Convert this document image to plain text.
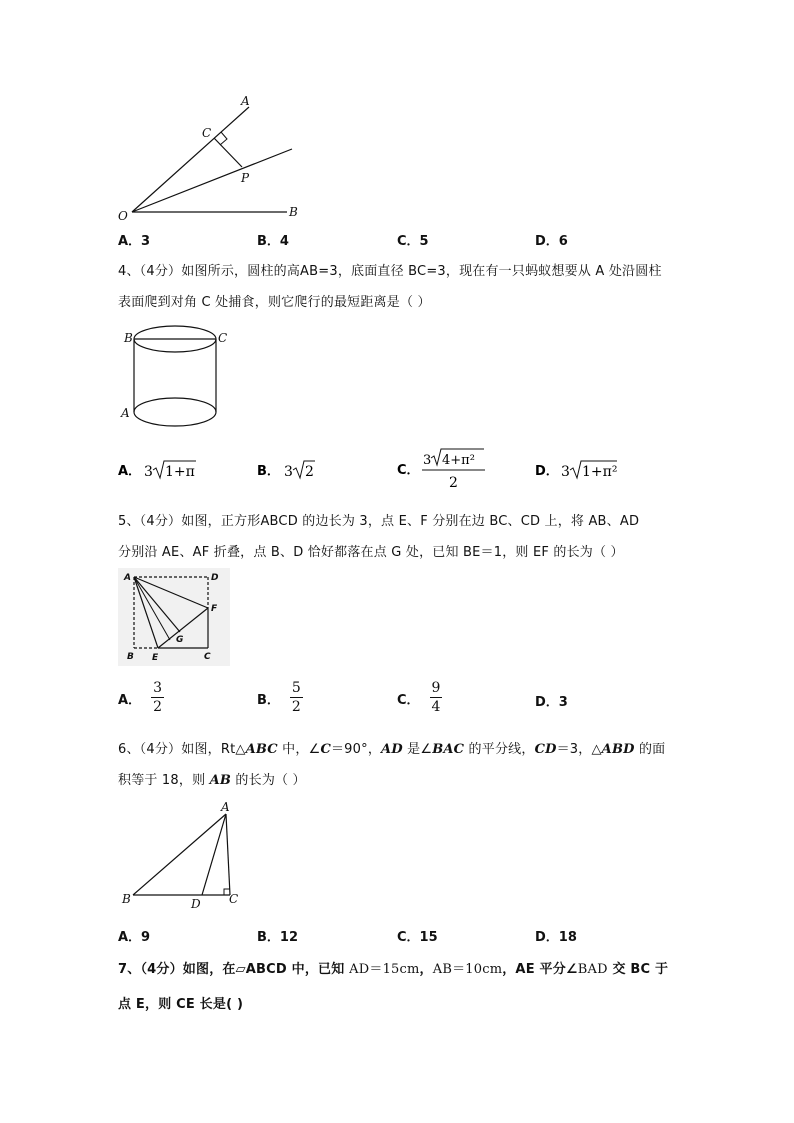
A
C
P
O	B
A．3	B．4	C．5	D．6
4、（4分）如图所示，圆柱的高AB=3，底面直径 BC=3，现在有一只蚂蚁想要从 A 处沿圆柱
表面爬到对角 C 处捕食，则它爬行的最短距离是（ ）
B	C
A
A． 3 1+π	B． 3 2	C．
3 4+π²
2
D． 3 1+π²
5、（4分）如图，正方形ABCD 的边长为 3，点 E、F 分别在边 BC、CD 上，将 AB、AD
分别沿 AE、AF 折叠，点 B、D 恰好都落在点 G 处，已知 BE＝1，则 EF 的长为（ ）
A	D
F
G
B E	C
A． $\frac{3}{2}$	B． $\frac{5}{2}$	C． $\frac{9}{4}$	D．3
6、（4分）如图，Rt△ABC 中，∠C＝90°，AD 是∠BAC 的平分线，CD＝3，△ABD 的面
积等于 18，则 AB 的长为（ ）
A
B	D C
A．9	B．12	C．15	D．18
7、（4分）如图，在▱ABCD 中，已知 AD＝15cm，AB＝10cm，AE 平分∠BAD 交 BC 于
点 E，则 CE 长是( )
